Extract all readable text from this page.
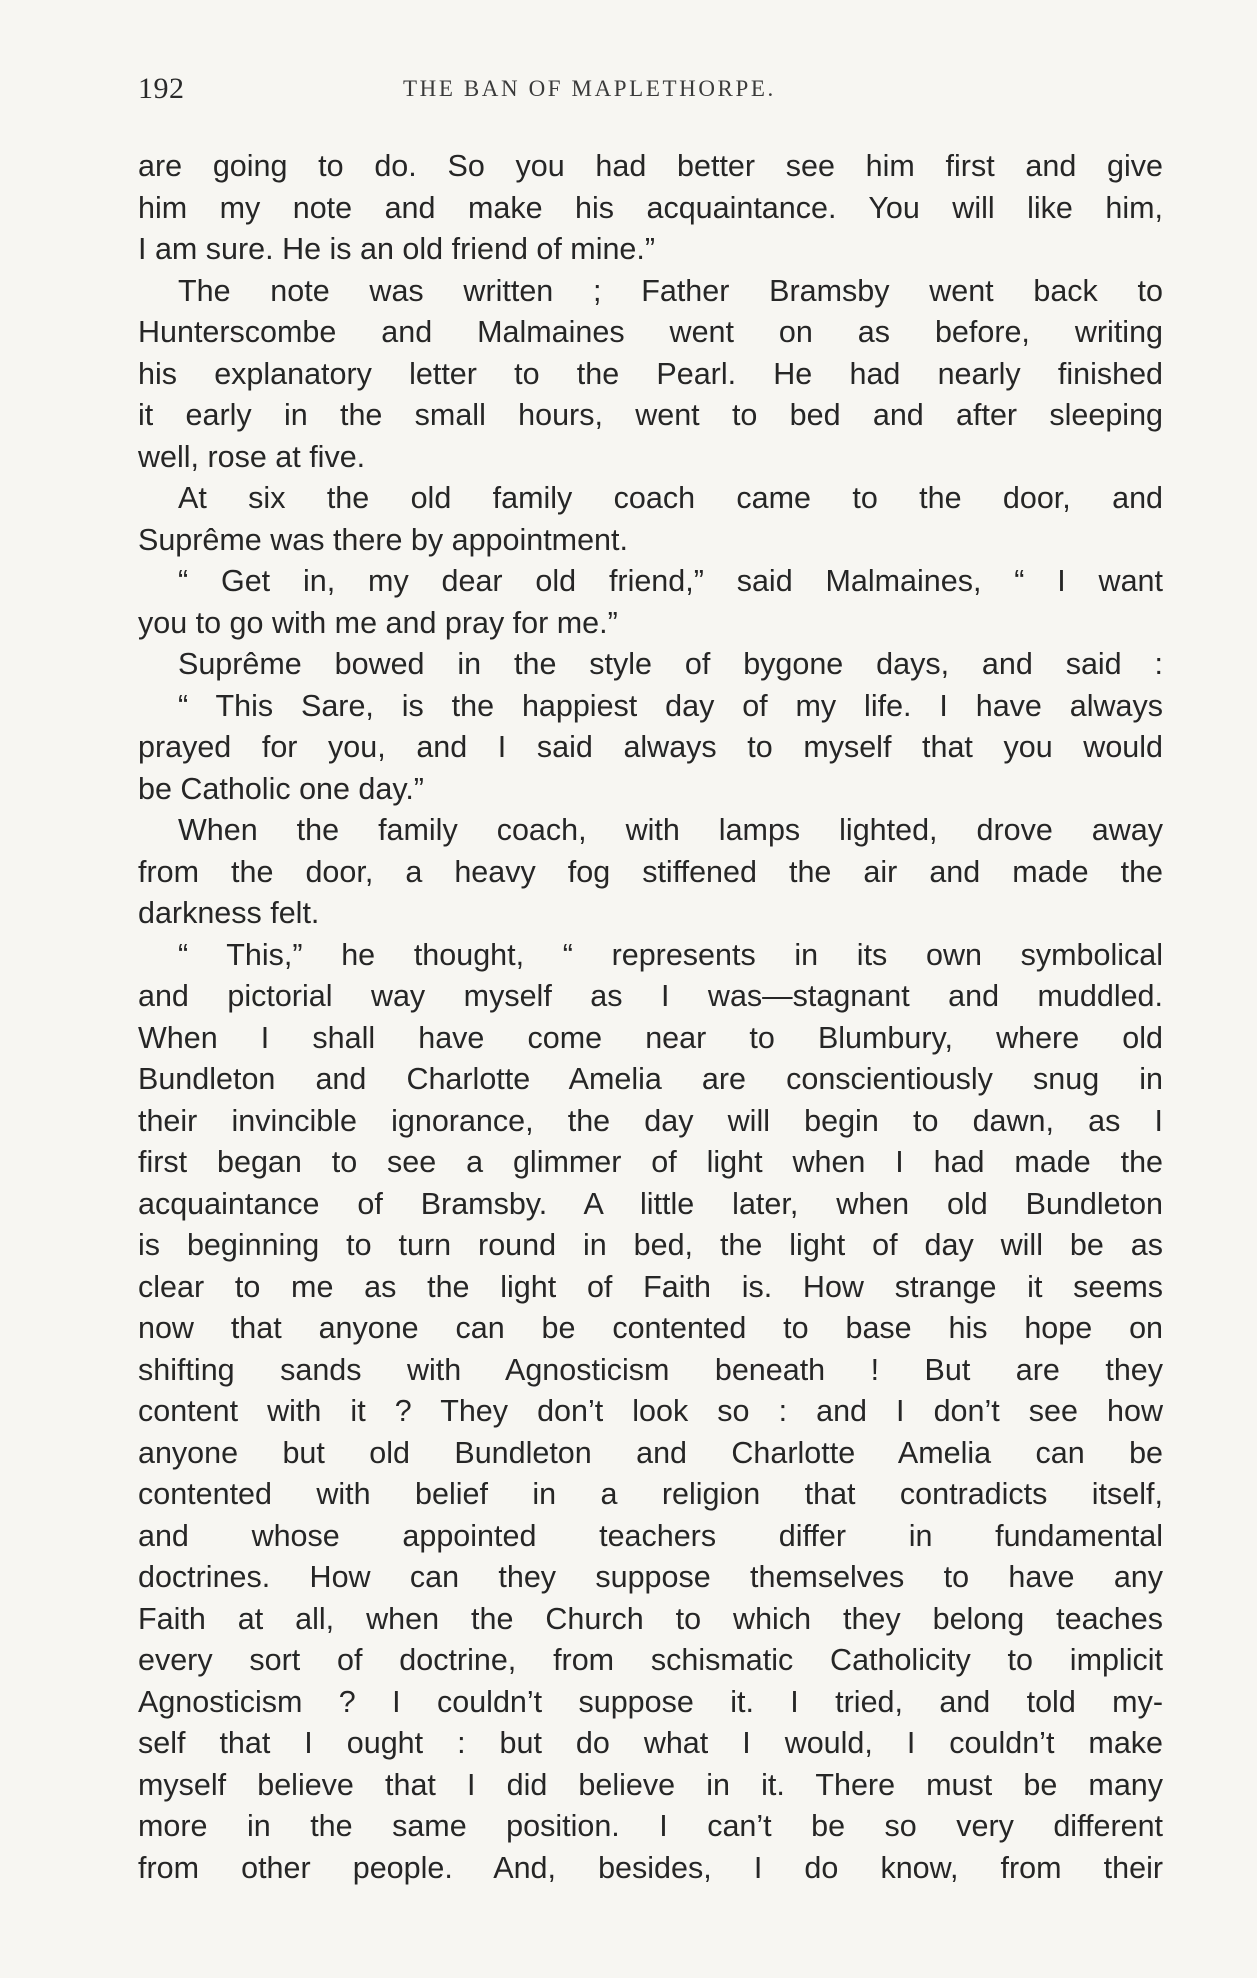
192	THE BAN OF MAPLETHORPE.
are going to do. So you had better see him first and give
him my note and make his acquaintance. You will like him,
I am sure. He is an old friend of mine.”
The note was written ; Father Bramsby went back to
Hunterscombe and Malmaines went on as before, writing
his explanatory letter to the Pearl. He had nearly finished
it early in the small hours, went to bed and after sleeping
well, rose at five.
At six the old family coach came to the door, and
Suprême was there by appointment.
“ Get in, my dear old friend,” said Malmaines, “ I want
you to go with me and pray for me.”
Suprême bowed in the style of bygone days, and said :
“ This Sare, is the happiest day of my life. I have always
prayed for you, and I said always to myself that you would
be Catholic one day.”
When the family coach, with lamps lighted, drove away
from the door, a heavy fog stiffened the air and made the
darkness felt.
“ This,” he thought, “ represents in its own symbolical
and pictorial way myself as I was—stagnant and muddled.
When I shall have come near to Blumbury, where old
Bundleton and Charlotte Amelia are conscientiously snug in
their invincible ignorance, the day will begin to dawn, as I
first began to see a glimmer of light when I had made the
acquaintance of Bramsby. A little later, when old Bundleton
is beginning to turn round in bed, the light of day will be as
clear to me as the light of Faith is. How strange it seems
now that anyone can be contented to base his hope on
shifting sands with Agnosticism beneath ! But are they
content with it ? They don’t look so : and I don’t see how
anyone but old Bundleton and Charlotte Amelia can be
contented with belief in a religion that contradicts itself,
and whose appointed teachers differ in fundamental
doctrines. How can they suppose themselves to have any
Faith at all, when the Church to which they belong teaches
every sort of doctrine, from schismatic Catholicity to implicit
Agnosticism ? I couldn’t suppose it. I tried, and told my-
self that I ought : but do what I would, I couldn’t make
myself believe that I did believe in it. There must be many
more in the same position. I can’t be so very different
from other people. And, besides, I do know, from their
